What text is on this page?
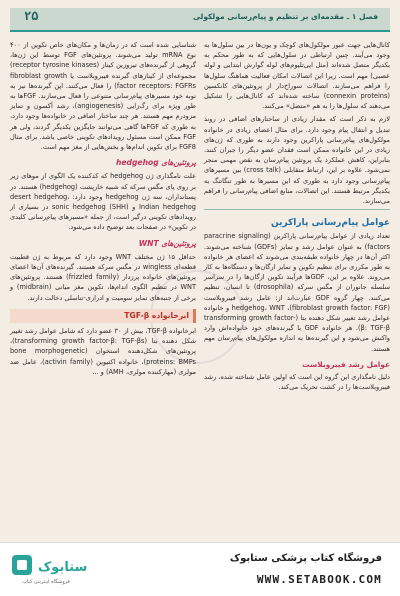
۲۵	فصل ۱ ـ مقدمه‌ای بر تنظیم و پیام‌رسانی مولکولی

کانال‌هایی جهت عبور مولکول‌های کوچک و یون‌ها در بین سلول‌ها به وجود می‌آیند. چنین ارتباطی در سلول‌هایی که به طور محکم به یکدیگر متصل شده‌اند (مثل اپی‌تلیوم‌های لوله گوارش ابتدایی و لوله عصبی) مهم است. زیرا این اتصالات امکان فعالیت هماهنگ سلول‌ها را فراهم می‌سازند. اتصالات سوراخ‌دار از پروتئین‌های کانکسین (connexin proteins) ساخته شده‌اند که کانال‌هایی را تشکیل می‌دهند که سلول‌ها را به هم «متصل» می‌کنند.

لازم به ذکر است که مقدار زیادی از ساختارهای اضافی در روند تبدیل و انتقال پیام وجود دارد. برای مثال اعضای زیادی در خانواده مولکول‌های پیام‌رسانی پاراکرین وجود دارند به طوری که ژن‌های زیادی در این خانواده ممکن است فقدان عضو دیگر را جبران کنند. بنابراین، کاهش عملکرد یک پروتئین پیام‌رسان به نقص مهمی منجر نمی‌شود. علاوه بر این، ارتباط متقابلی (cross talk) بین مسیرهای پیام‌رسانی وجود دارد به طوری که این مسیرها به طور تنگاتنگ به یکدیگر مرتبط هستند. این اتصالات، منابع اضافی پیام‌رسانی را فراهم می‌سازند.

عوامل پیام‌رسانی پاراکرین

تعداد زیادی از عوامل پیام‌رسانی پاراکرین (paracrine signaling factors) به عنوان عوامل رشد و تمایز (GDFs) شناخته می‌شوند. اکثر آن‌ها در چهار خانواده طبقه‌بندی می‌شوند که اعضای هر خانواده به طور مکرری برای تنظیم تکوین و تمایز ارگان‌ها و دستگاه‌ها به کار می‌روند. علاوه بر این، GDFها فرآیند تکوین ارگان‌ها را در سراسر سلسله جانوران از مگس سرکه (drosophila) تا انسان، تنظیم می‌کنند. چهار گروه GDF عبارت‌اند از: عامل رشد فیبروبلاست (fibroblast growth factor: FGF)، hedgehog، WNT و خانواده عوامل رشد تغییر شکل دهنده بتا (transforming growth factor-β: TGF-β). هر خانواده GDF با گیرنده‌های خود خانواده‌اش وارد واکنش می‌شود و این گیرنده‌ها به اندازه مولکول‌های پیام‌رسان مهم هستند.

عوامل رشد فیبروبلاست

دلیل نامگذاری این گروه این است که اولین عامل شناخته شده، رشد فیبروبلاست‌ها را در کشت تحریک می‌کند.

شناسایی شده است که در زمان‌ها و مکان‌های خاص تکوین از ۴۰۰ نوع mRNA تولید می‌شوند. پروتئین‌های FGF توسط این ژن‌ها، گروهی از گیرنده‌های تیروزین کیناز (receptor tyrosine kinases) مجموعه‌ای از کیناز‌های گیرنده فیبروبلاست یا fibroblast growth factor receptors: FGFRs) را فعال می‌کنند. این گیرنده‌ها نیز به نوبه خود مسیرهای پیام‌رسانی متنوعی را فعال می‌سازند. FGFها به طور ویژه برای رگ‌زایی (angiogenesis)، رشد آکسون و تمایز مزودرم مهم هستند. هر چند ساختار اضافی در خانواده‌ها وجود دارد، به طوری که FGFها گاهی می‌توانند جایگزین یکدیگر گردند، ولی هر FGF ممکن است مسئول رویدادهای تکوینی خاصی باشد. برای مثال FGF8 برای تکوین اندام‌ها و بخش‌هایی از مغز مهم است.

پروتئین‌های hedgehog

علت نامگذاری ژن hedgehog که کدکننده یک الگوی از موهای زیر بر روی پای مگس سرکه که شبیه خارپشت (hedgehog) هستند. در پستانداران، سه ژن hedgehog وجود دارد: desert hedgehog، Indian hedgehog و sonic hedgehog (SHH) در بسیاری از رویدادهای تکوینی درگیر است، از جمله «مسیرهای پیام‌رسانی کلیدی در تکوین» در صفحات بعد توضیح داده می‌شود.

پروتئین‌های WNT

حداقل ۱۵ ژن مختلف WNT وجود دارد که مربوط به ژن قطبیت قطعه‌ای wingless در مگس سرکه هستند. گیرنده‌های آن‌ها اعضای پروتئین‌های خانواده پرزدار (frizzled family) هستند. پروتئین‌های WNT در تنظیم الگوی اندام‌ها، تکوین مغز میانی (midbrain) و برخی از جنبه‌های تمایز سومیت و ادراری-تناسلی دخالت دارند.

ابرخانواده TGF-β

ابرخانواده TGF-β، بیش از ۳۰ عضو دارد که شامل عوامل رشد تغییر شکل دهنده بتا (transforming growth factor-β: TGF-βs)، پروتئین‌های شکل‌دهنده استخوان (bone morphogenetic proteins: BMPs)، خانواده اکتیوین (activin family)، عامل ضد مولری (مهارکننده مولری، AMH) و ...

ستابوک
فروشگاه اینترنتی کتاب
فروشگاه کتاب پزشکی ستابوک
WWW.SETABOOK.COM
